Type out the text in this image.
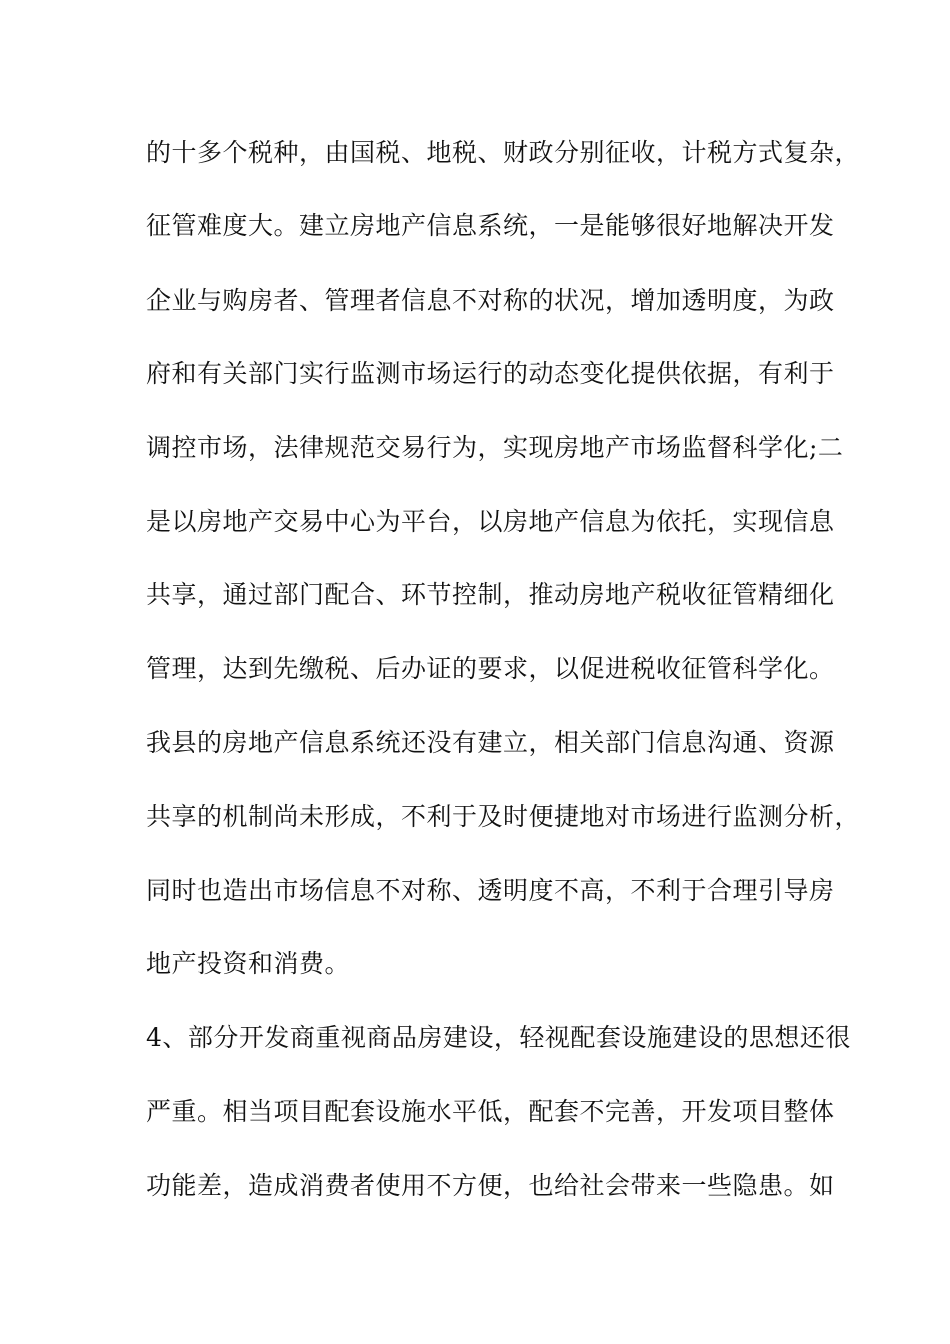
的十多个税种，由国税、地税、财政分别征收，计税方式复杂，
征管难度大。建立房地产信息系统，一是能够很好地解决开发
企业与购房者、管理者信息不对称的状况，增加透明度，为政
府和有关部门实行监测市场运行的动态变化提供依据，有利于
调控市场，法律规范交易行为，实现房地产市场监督科学化;二
是以房地产交易中心为平台，以房地产信息为依托，实现信息
共享，通过部门配合、环节控制，推动房地产税收征管精细化
管理，达到先缴税、后办证的要求，以促进税收征管科学化。
我县的房地产信息系统还没有建立，相关部门信息沟通、资源
共享的机制尚未形成，不利于及时便捷地对市场进行监测分析，
同时也造出市场信息不对称、透明度不高，不利于合理引导房
地产投资和消费。
4、部分开发商重视商品房建设，轻视配套设施建设的思想还很
严重。相当项目配套设施水平低，配套不完善，开发项目整体
功能差，造成消费者使用不方便，也给社会带来一些隐患。如
